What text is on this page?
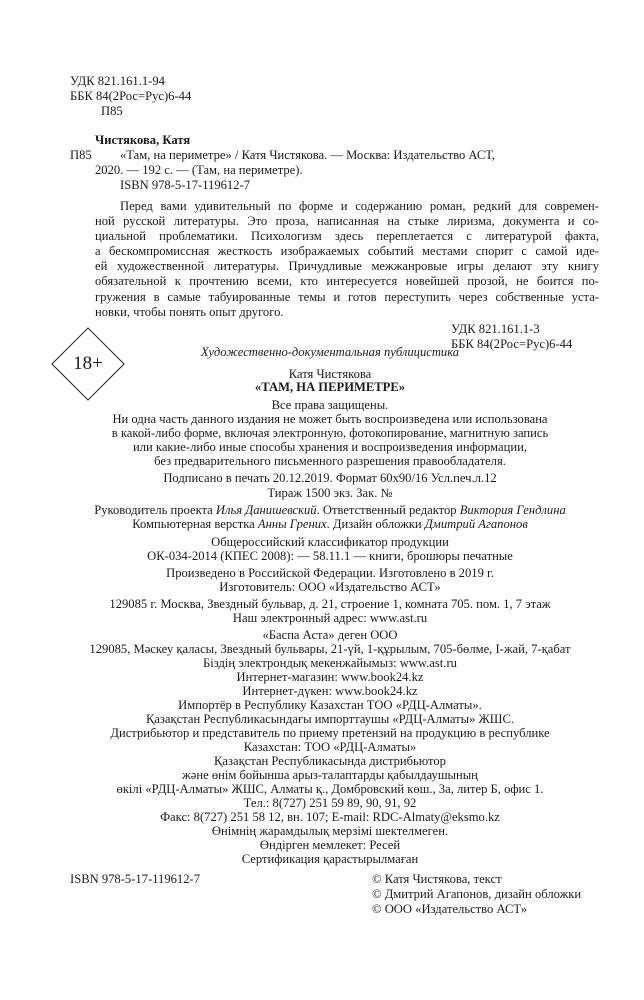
УДК 821.161.1-94
ББК 84(2Рос=Рус)6-44
П85
Чистякова, Катя
П85 «Там, на периметре» / Катя Чистякова. — Москва: Издательство АСТ,
2020. — 192 с. — (Там, на периметре).
ISBN 978-5-17-119612-7
Перед вами удивительный по форме и содержанию роман, редкий для современ-
ной русской литературы. Это проза, написанная на стыке лиризма, документа и со-
циальной проблематики. Психологизм здесь переплетается с литературой факта,
а бескомпромиссная жесткость изображаемых событий местами спорит с самой иде-
ей художественной литературы. Причудливые межжанровые игры делают эту книгу
обязательной к прочтению всеми, кто интересуется новейшей прозой, не боится по-
гружения в самые табуированные темы и готов переступить через собственные уста-
новки, чтобы понять опыт другого.
УДК 821.161.1-3
ББК 84(2Рос=Рус)6-44
18+
Художественно-документальная публицистика
Катя Чистякова
«ТАМ, НА ПЕРИМЕТРЕ»
Все права защищены.
Ни одна часть данного издания не может быть воспроизведена или использована
в какой-либо форме, включая электронную, фотокопирование, магнитную запись
или какие-либо иные способы хранения и воспроизведения информации,
без предварительного письменного разрешения правообладателя.
Подписано в печать 20.12.2019. Формат 60х90/16 Усл.печ.л.12
Тираж 1500 экз. Зак. №
Руководитель проекта Илья Данишевский. Ответственный редактор Виктория Гендлина
Компьютерная верстка Анны Грених. Дизайн обложки Дмитрий Агапонов
Общероссийский классификатор продукции
ОК-034-2014 (КПЕС 2008): — 58.11.1 — книги, брошюры печатные
Произведено в Российской Федерации. Изготовлено в 2019 г.
Изготовитель: ООО «Издательство АСТ»
129085 г. Москва, Звездный бульвар, д. 21, строение 1, комната 705. пом. 1, 7 этаж
Наш электронный адрес: www.ast.ru
«Баспа Аста» деген ООО
129085, Мәскеу қаласы, Звездный бульвары, 21-үй, 1-құрылым, 705-бөлме, I-жай, 7-қабат
Біздің электрондық мекенжайымыз: www.ast.ru
Интернет-магазин: www.book24.kz
Интернет-дүкен: www.book24.kz
Импортёр в Республику Казахстан ТОО «РДЦ-Алматы».
Қазақстан Республикасындағы импорттаушы «РДЦ-Алматы» ЖШС.
Дистрибьютор и представитель по приему претензий на продукцию в республике
Казахстан: ТОО «РДЦ-Алматы»
Қазақстан Республикасында дистрибьютор
және өнім бойынша арыз-талаптарды қабылдаушының
өкілі «РДЦ-Алматы» ЖШС, Алматы қ., Домбровский көш., 3а, литер Б, офис 1.
Тел.: 8(727) 251 59 89, 90, 91, 92
Факс: 8(727) 251 58 12, вн. 107; E-mail: RDC-Almaty@eksmo.kz
Өнімнің жарамдылық мерзімі шектелмеген.
Өндірген мемлекет: Ресей
Сертификация қарастырылмаған
ISBN 978-5-17-119612-7	© Катя Чистякова, текст
© Дмитрий Агапонов, дизайн обложки
© ООО «Издательство АСТ»
